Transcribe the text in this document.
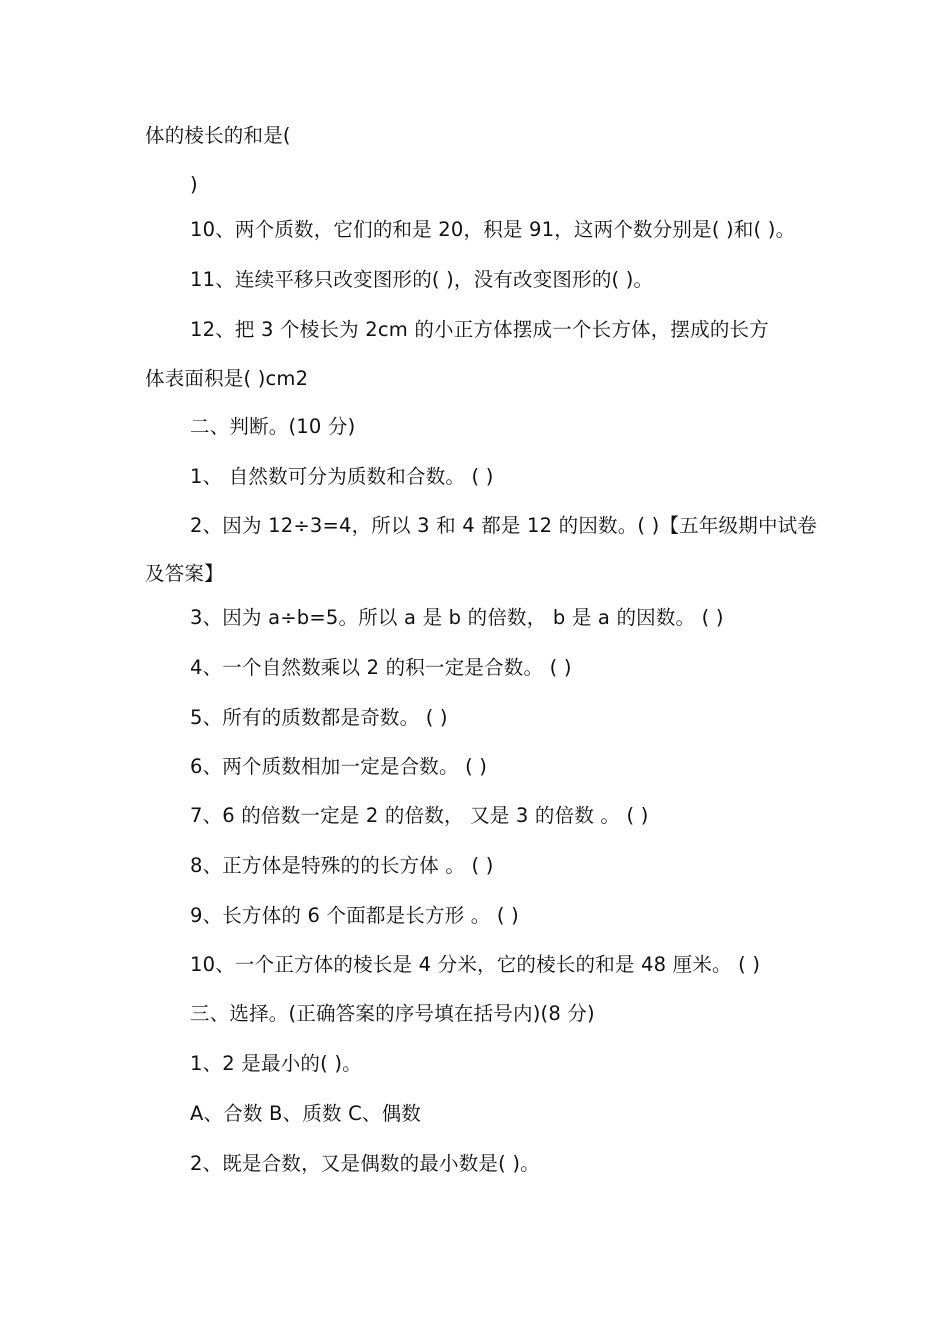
体的棱长的和是(
)
10、两个质数，它们的和是 20，积是 91，这两个数分别是( )和( )。
11、连续平移只改变图形的( )，没有改变图形的( )。
12、把 3 个棱长为 2cm 的小正方体摆成一个长方体，摆成的长方
体表面积是( )cm2
二、判断。(10 分)
1、 自然数可分为质数和合数。 ( )
2、因为 12÷3=4，所以 3 和 4 都是 12 的因数。( )【五年级期中试卷
及答案】
3、因为 a÷b=5。所以 a 是 b 的倍数， b 是 a 的因数。 ( )
4、一个自然数乘以 2 的积一定是合数。 ( )
5、所有的质数都是奇数。 ( )
6、两个质数相加一定是合数。 ( )
7、6 的倍数一定是 2 的倍数， 又是 3 的倍数 。 ( )
8、正方体是特殊的的长方体 。 ( )
9、长方体的 6 个面都是长方形 。 ( )
10、一个正方体的棱长是 4 分米，它的棱长的和是 48 厘米。 ( )
三、选择。(正确答案的序号填在括号内)(8 分)
1、2 是最小的( )。
A、合数 B、质数 C、偶数
2、既是合数，又是偶数的最小数是( )。
